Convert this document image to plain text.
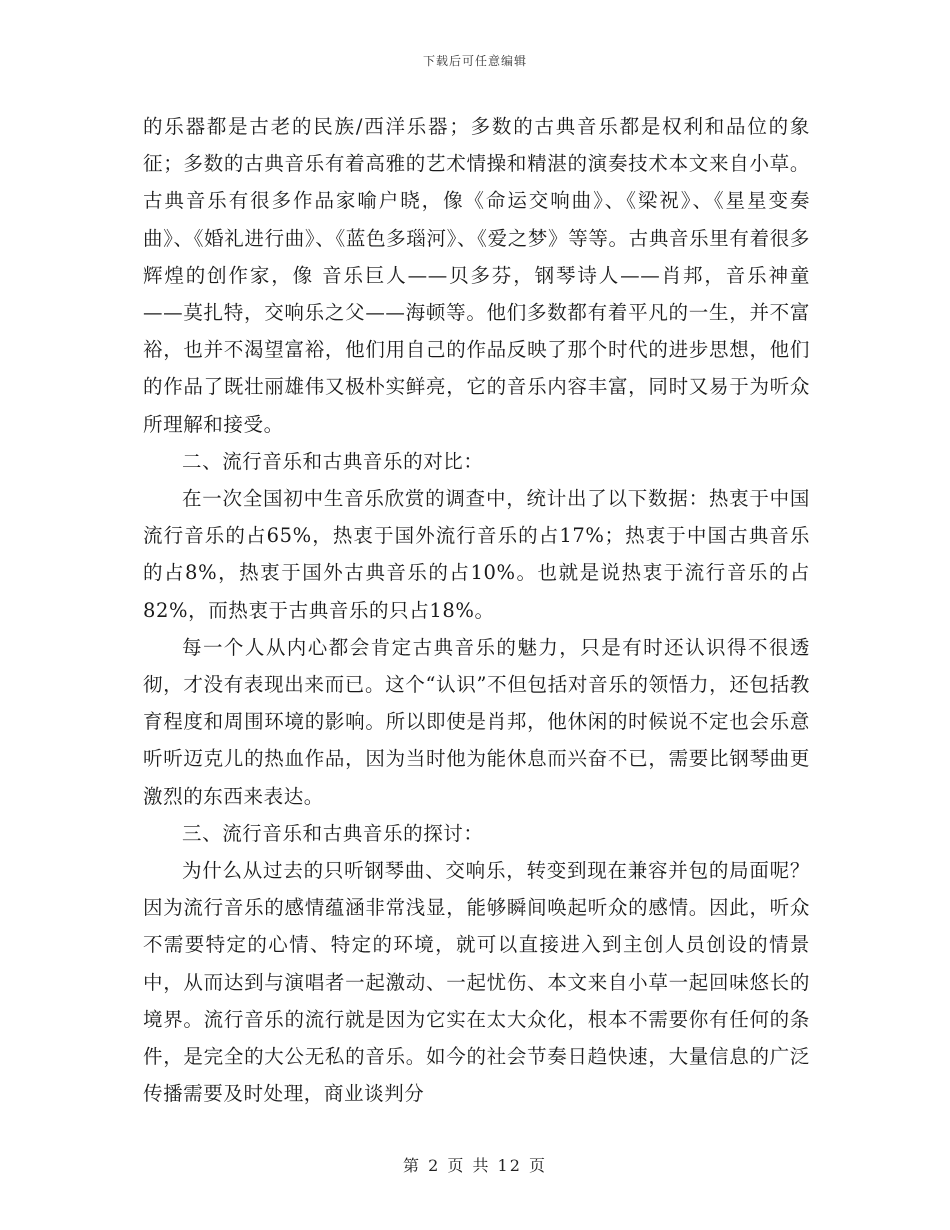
下载后可任意编辑

的乐器都是古老的民族/西洋乐器；多数的古典音乐都是权利和品位的象征；多数的古典音乐有着高雅的艺术情操和精湛的演奏技术本文来自小草。古典音乐有很多作品家喻户晓，像《命运交响曲》、《梁祝》、《星星变奏曲》、《婚礼进行曲》、《蓝色多瑙河》、《爱之梦》等等。古典音乐里有着很多辉煌的创作家，像 音乐巨人——贝多芬，钢琴诗人——肖邦，音乐神童——莫扎特，交响乐之父——海顿等。他们多数都有着平凡的一生，并不富裕，也并不渴望富裕，他们用自己的作品反映了那个时代的进步思想，他们的作品了既壮丽雄伟又极朴实鲜亮，它的音乐内容丰富，同时又易于为听众所理解和接受。

二、流行音乐和古典音乐的对比：

在一次全国初中生音乐欣赏的调查中，统计出了以下数据：热衷于中国流行音乐的占65%，热衷于国外流行音乐的占17%；热衷于中国古典音乐的占8%，热衷于国外古典音乐的占10%。也就是说热衷于流行音乐的占82%，而热衷于古典音乐的只占18%。

每一个人从内心都会肯定古典音乐的魅力，只是有时还认识得不很透彻，才没有表现出来而已。这个“认识”不但包括对音乐的领悟力，还包括教育程度和周围环境的影响。所以即使是肖邦，他休闲的时候说不定也会乐意听听迈克儿的热血作品，因为当时他为能休息而兴奋不已，需要比钢琴曲更激烈的东西来表达。

三、流行音乐和古典音乐的探讨：

为什么从过去的只听钢琴曲、交响乐，转变到现在兼容并包的局面呢？因为流行音乐的感情蕴涵非常浅显，能够瞬间唤起听众的感情。因此，听众不需要特定的心情、特定的环境，就可以直接进入到主创人员创设的情景中，从而达到与演唱者一起激动、一起忧伤、本文来自小草一起回味悠长的境界。流行音乐的流行就是因为它实在太大众化，根本不需要你有任何的条件，是完全的大公无私的音乐。如今的社会节奏日趋快速，大量信息的广泛传播需要及时处理，商业谈判分

第 2 页 共 12 页
